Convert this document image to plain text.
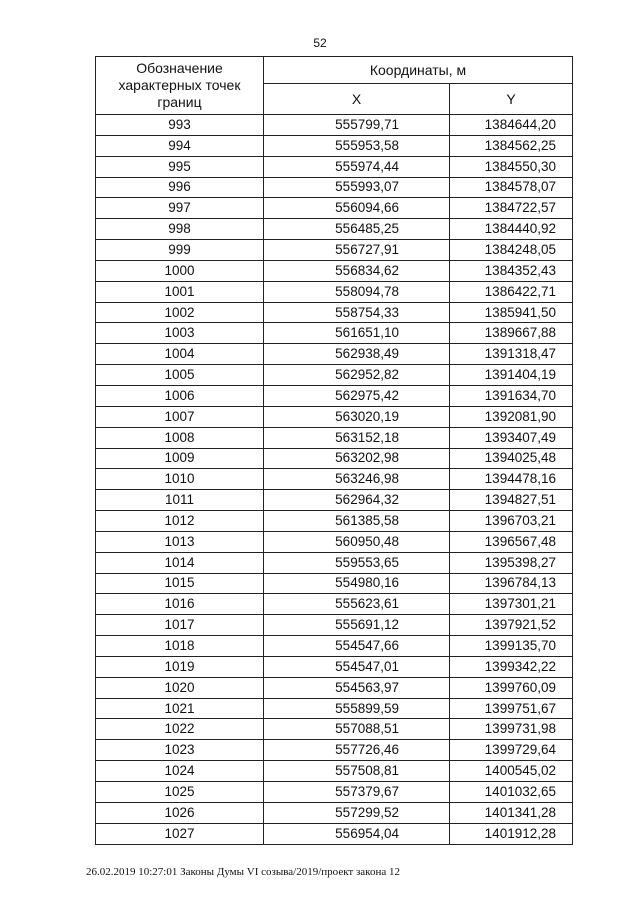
52
Обозначение характерных точек границ	Координаты, м	
	X	Y
993	555799,71	1384644,20
994	555953,58	1384562,25
995	555974,44	1384550,30
996	555993,07	1384578,07
997	556094,66	1384722,57
998	556485,25	1384440,92
999	556727,91	1384248,05
1000	556834,62	1384352,43
1001	558094,78	1386422,71
1002	558754,33	1385941,50
1003	561651,10	1389667,88
1004	562938,49	1391318,47
1005	562952,82	1391404,19
1006	562975,42	1391634,70
1007	563020,19	1392081,90
1008	563152,18	1393407,49
1009	563202,98	1394025,48
1010	563246,98	1394478,16
1011	562964,32	1394827,51
1012	561385,58	1396703,21
1013	560950,48	1396567,48
1014	559553,65	1395398,27
1015	554980,16	1396784,13
1016	555623,61	1397301,21
1017	555691,12	1397921,52
1018	554547,66	1399135,70
1019	554547,01	1399342,22
1020	554563,97	1399760,09
1021	555899,59	1399751,67
1022	557088,51	1399731,98
1023	557726,46	1399729,64
1024	557508,81	1400545,02
1025	557379,67	1401032,65
1026	557299,52	1401341,28
1027	556954,04	1401912,28
26.02.2019 10:27:01 Законы Думы VI созыва/2019/проект закона 12
